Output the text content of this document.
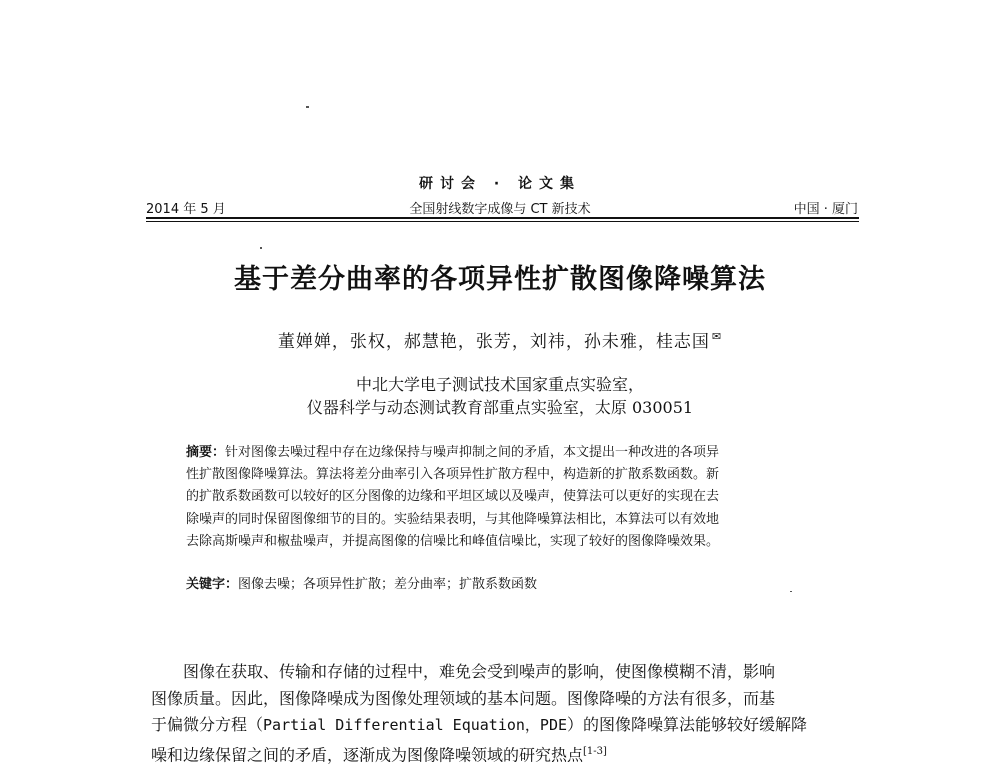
研讨会 · 论文集
2014 年 5 月	全国射线数字成像与 CT 新技术	中国 · 厦门
基于差分曲率的各项异性扩散图像降噪算法
董婵婵，张权，郝慧艳，张芳，刘祎，孙未雅，桂志国 ✉
中北大学电子测试技术国家重点实验室，
仪器科学与动态测试教育部重点实验室，太原 030051
摘要：针对图像去噪过程中存在边缘保持与噪声抑制之间的矛盾，本文提出一种改进的各项异
性扩散图像降噪算法。算法将差分曲率引入各项异性扩散方程中，构造新的扩散系数函数。新
的扩散系数函数可以较好的区分图像的边缘和平坦区域以及噪声，使算法可以更好的实现在去
除噪声的同时保留图像细节的目的。实验结果表明，与其他降噪算法相比，本算法可以有效地
去除高斯噪声和椒盐噪声，并提高图像的信噪比和峰值信噪比，实现了较好的图像降噪效果。
关键字：图像去噪；各项异性扩散；差分曲率；扩散系数函数
　　图像在获取、传输和存储的过程中，难免会受到噪声的影响，使图像模糊不清，影响
图像质量。因此，图像降噪成为图像处理领域的基本问题。图像降噪的方法有很多，而基
于偏微分方程（Partial Differential Equation，PDE）的图像降噪算法能够较好缓解降
噪和边缘保留之间的矛盾，逐渐成为图像降噪领域的研究热点[1-3]
